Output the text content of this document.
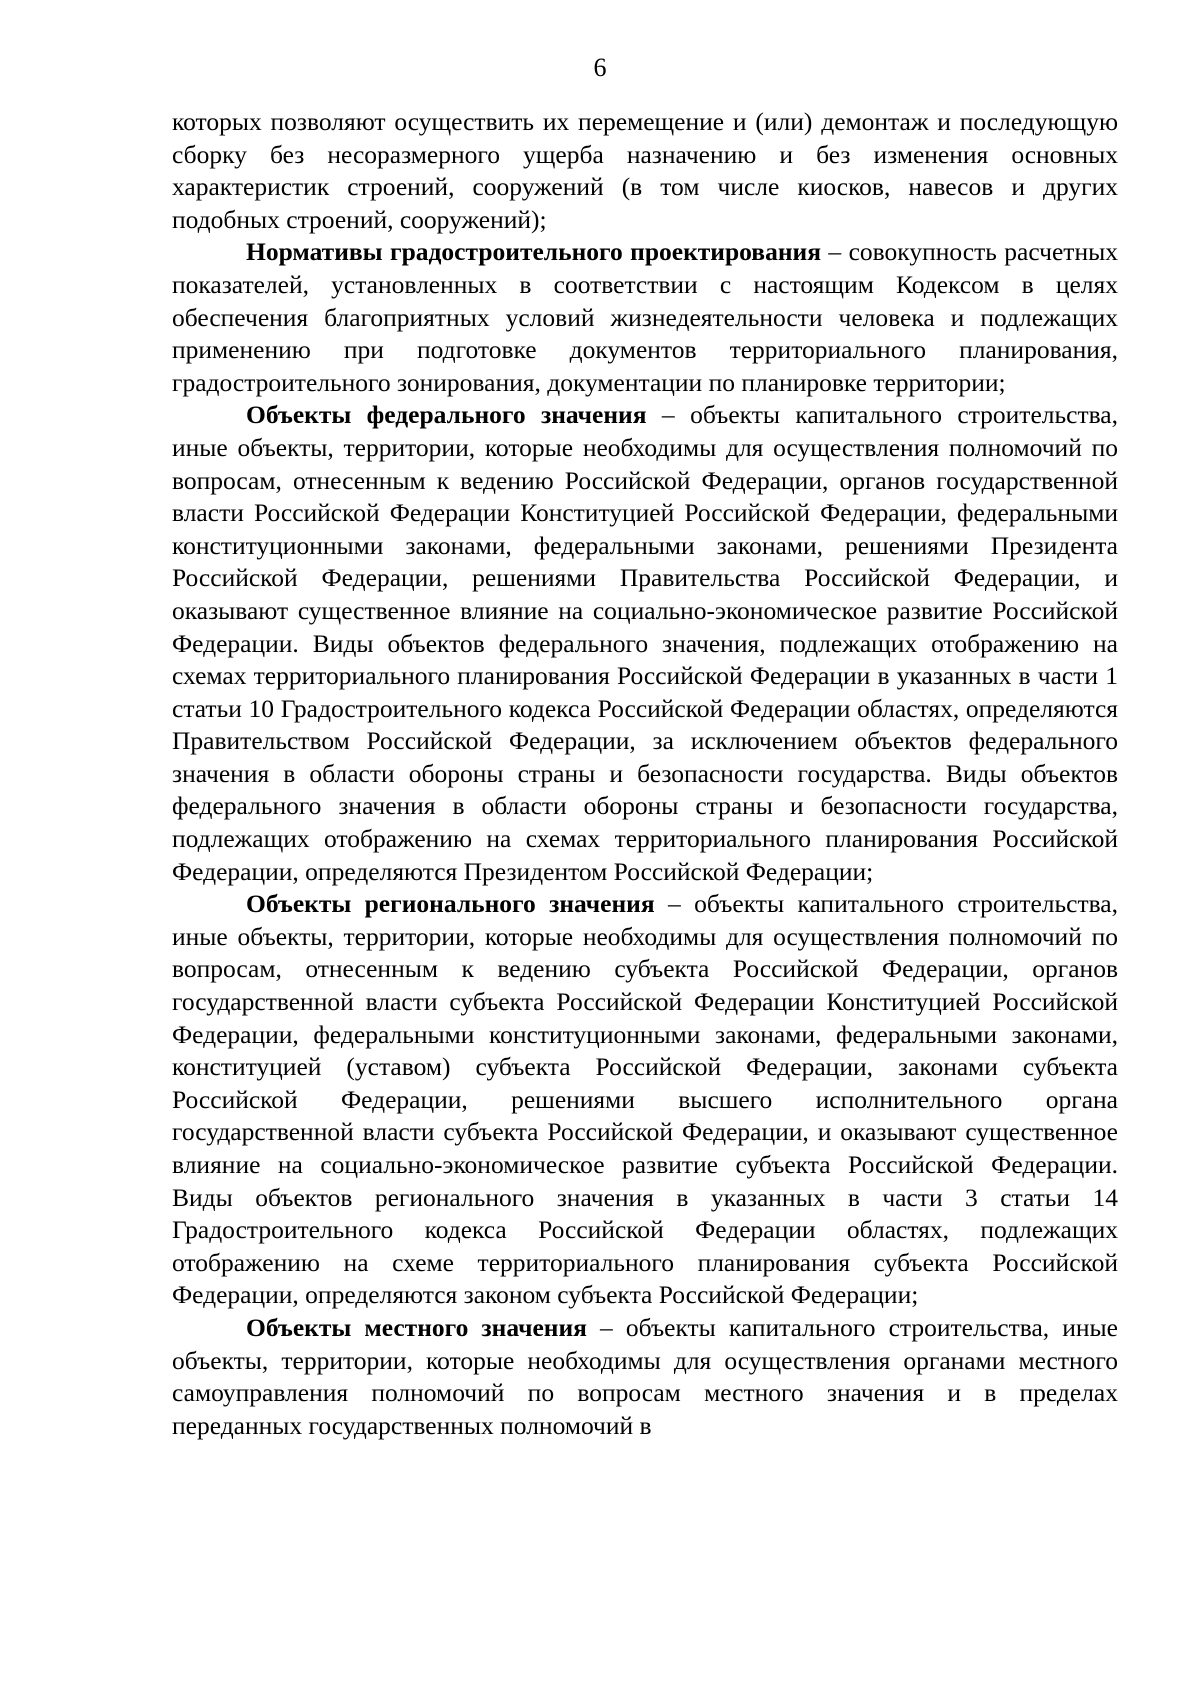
6

которых позволяют осуществить их перемещение и (или) демонтаж и последующую сборку без несоразмерного ущерба назначению и без изменения основных характеристик строений, сооружений (в том числе киосков, навесов и других подобных строений, сооружений);

Нормативы градостроительного проектирования – совокупность расчетных показателей, установленных в соответствии с настоящим Кодексом в целях обеспечения благоприятных условий жизнедеятельности человека и подлежащих применению при подготовке документов территориального планирования, градостроительного зонирования, документации по планировке территории;

Объекты федерального значения – объекты капитального строительства, иные объекты, территории, которые необходимы для осуществления полномочий по вопросам, отнесенным к ведению Российской Федерации, органов государственной власти Российской Федерации Конституцией Российской Федерации, федеральными конституционными законами, федеральными законами, решениями Президента Российской Федерации, решениями Правительства Российской Федерации, и оказывают существенное влияние на социально-экономическое развитие Российской Федерации. Виды объектов федерального значения, подлежащих отображению на схемах территориального планирования Российской Федерации в указанных в части 1 статьи 10 Градостроительного кодекса Российской Федерации областях, определяются Правительством Российской Федерации, за исключением объектов федерального значения в области обороны страны и безопасности государства. Виды объектов федерального значения в области обороны страны и безопасности государства, подлежащих отображению на схемах территориального планирования Российской Федерации, определяются Президентом Российской Федерации;

Объекты регионального значения – объекты капитального строительства, иные объекты, территории, которые необходимы для осуществления полномочий по вопросам, отнесенным к ведению субъекта Российской Федерации, органов государственной власти субъекта Российской Федерации Конституцией Российской Федерации, федеральными конституционными законами, федеральными законами, конституцией (уставом) субъекта Российской Федерации, законами субъекта Российской Федерации, решениями высшего исполнительного органа государственной власти субъекта Российской Федерации, и оказывают существенное влияние на социально-экономическое развитие субъекта Российской Федерации. Виды объектов регионального значения в указанных в части 3 статьи 14 Градостроительного кодекса Российской Федерации областях, подлежащих отображению на схеме территориального планирования субъекта Российской Федерации, определяются законом субъекта Российской Федерации;

Объекты местного значения – объекты капитального строительства, иные объекты, территории, которые необходимы для осуществления органами местного самоуправления полномочий по вопросам местного значения и в пределах переданных государственных полномочий в
